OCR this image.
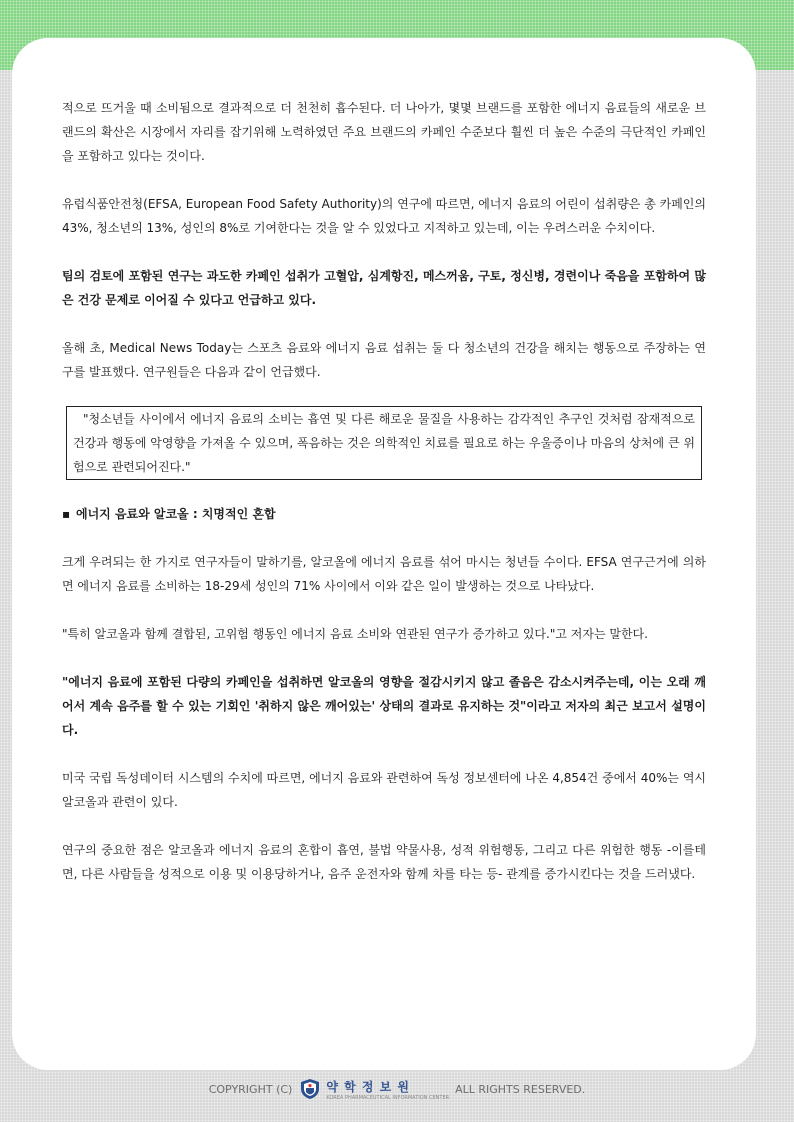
적으로 뜨거울 때 소비됨으로 결과적으로 더 천천히 흡수된다. 더 나아가, 몇몇 브랜드를 포함한 에너지 음료들의 새로운 브랜드의 확산은 시장에서 자리를 잡기위해 노력하였던 주요 브랜드의 카페인 수준보다 훨씬 더 높은 수준의 극단적인 카페인을 포함하고 있다는 것이다.

유럽식품안전청(EFSA, European Food Safety Authority)의 연구에 따르면, 에너지 음료의 어린이 섭취량은 총 카페인의 43%, 청소년의 13%, 성인의 8%로 기여한다는 것을 알 수 있었다고 지적하고 있는데, 이는 우려스러운 수치이다.

팀의 검토에 포함된 연구는 과도한 카페인 섭취가 고혈압, 심계항진, 메스꺼움, 구토, 정신병, 경련이나 죽음을 포함하여 많은 건강 문제로 이어질 수 있다고 언급하고 있다.

올해 초, Medical News Today는 스포츠 음료와 에너지 음료 섭취는 둘 다 청소년의 건강을 해치는 행동으로 주장하는 연구를 발표했다. 연구원들은 다음과 같이 언급했다.

"청소년들 사이에서 에너지 음료의 소비는 흡연 및 다른 해로운 물질을 사용하는 감각적인 추구인 것처럼 잠재적으로 건강과 행동에 악영향을 가져올 수 있으며, 폭음하는 것은 의학적인 치료를 필요로 하는 우울증이나 마음의 상처에 큰 위험으로 관련되어진다."

▪ 에너지 음료와 알코올 : 치명적인 혼합

크게 우려되는 한 가지로 연구자들이 말하기를, 알코올에 에너지 음료를 섞어 마시는 청년들 수이다. EFSA 연구근거에 의하면 에너지 음료를 소비하는 18-29세 성인의 71% 사이에서 이와 같은 일이 발생하는 것으로 나타났다.

"특히 알코올과 함께 결합된, 고위험 행동인 에너지 음료 소비와 연관된 연구가 증가하고 있다."고 저자는 말한다.

"에너지 음료에 포함된 다량의 카페인을 섭취하면 알코올의 영향을 절감시키지 않고 졸음은 감소시켜주는데, 이는 오래 깨어서 계속 음주를 할 수 있는 기회인 '취하지 않은 깨어있는' 상태의 결과로 유지하는 것"이라고 저자의 최근 보고서 설명이다.

미국 국립 독성데이터 시스템의 수치에 따르면, 에너지 음료와 관련하여 독성 정보센터에 나온 4,854건 중에서 40%는 역시 알코올과 관련이 있다.

연구의 중요한 점은 알코올과 에너지 음료의 혼합이 흡연, 불법 약물사용, 성적 위험행동, 그리고 다른 위험한 행동 -이를테면, 다른 사람들을 성적으로 이용 및 이용당하거나, 음주 운전자와 함께 차를 타는 등- 관계를 증가시킨다는 것을 드러냈다.

COPYRIGHT (C)	약 학 정 보 원
KOREA PHARMACEUTICAL INFORMATION CENTER
ALL RIGHTS RESERVED.
